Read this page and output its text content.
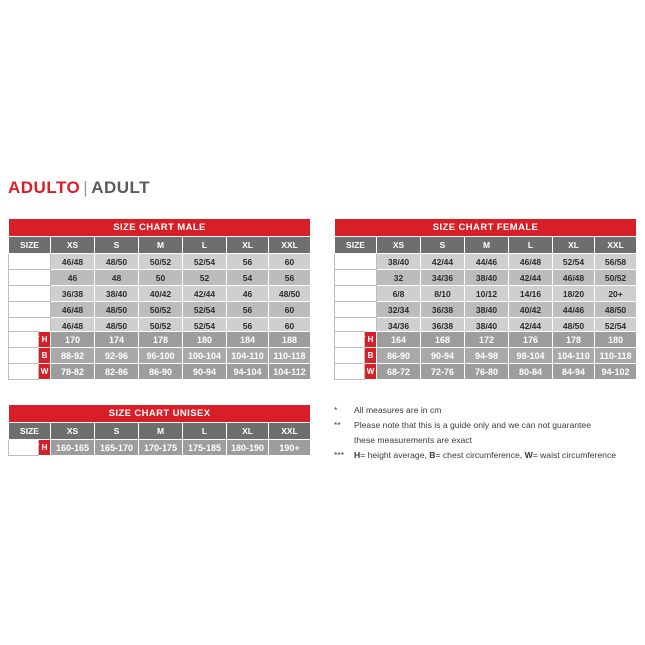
ADULTO | ADULT
SIZE CHART MALE						
SIZE	XS	S	M	L	XL	XXL
IT	46/48	48/50	50/52	52/54	56	60
DE	46	48	50	52	54	56
UK	36/38	38/40	40/42	42/44	46	48/50
F	46/48	48/50	50/52	52/54	56	60
E	46/48	48/50	50/52	52/54	56	60
HEIGHT	H	170	174	178	180	184	188
CHEST	B	88-92	92-96	96-100	100-104	104-110	110-118
WAIST	W	78-82	82-86	86-90	90-94	94-104	104-112
SIZE CHART FEMALE						
SIZE	XS	S	M	L	XL	XXL
IT	38/40	42/44	44/46	46/48	52/54	56/58
DE	32	34/36	38/40	42/44	46/48	50/52
UK	6/8	8/10	10/12	14/16	18/20	20+
F	32/34	36/38	38/40	40/42	44/46	48/50
E	34/36	36/38	38/40	42/44	48/50	52/54
HEIGHT	H	164	168	172	176	178	180
CHEST	B	86-90	90-94	94-98	98-104	104-110	110-118
WAIST	W	68-72	72-76	76-80	80-84	84-94	94-102
SIZE CHART UNISEX							
SIZE		XS	S	M	L	XL	XXL
HEIGHT	H	160-165	165-170	170-175	175-185	180-190	190+
*	All measures are in cm
**	Please note that this is a guide only and we can not guarantee
these measurements are exact
***	H= height average, B= chest circumference, W= waist circumference
